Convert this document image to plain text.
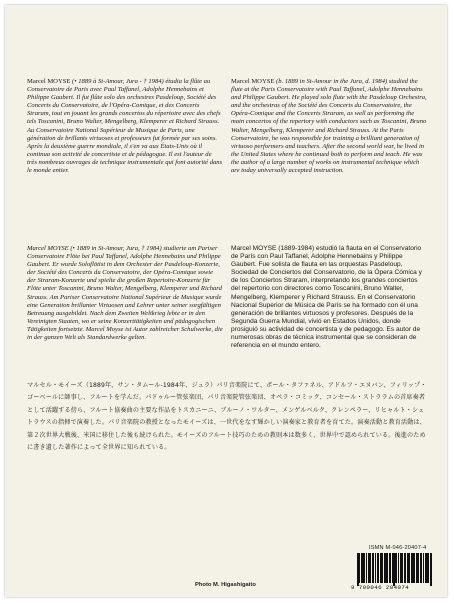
Marcel MOYSE (• 1889 à St-Amour, Jura - † 1984) étudia la flûte au Conservatoire de Paris avec Paul Taffanel, Adolphe Hennebains et Philippe Gaubert. Il fut flûte solo des orchestres Pasdeloup, Société des Concerts du Conservatoire, de l'Opéra-Comique, et des Concerts Straram, tout en jouant les grands concertos du répertoire avec des chefs tels Toscanini, Bruno Walter, Mengelberg, Klemperer et Richard Strauss. Au Conservatoire National Supérieur de Musique de Paris, une génération de brillants virtuoses et professeurs fut formée par ses soins. Après la deuxième guerre mondiale, il s'en va aux États-Unis où il continua son activité de concertiste et de pédagogue. Il est l'auteur de très nombreux ouvrages de technique instrumentale qui font autorité dans le monde entier.
Marcel MOYSE (b. 1889 in St-Amour in the Jura, d. 1984) studied the flute at the Paris Conservatoire with Paul Taffanel, Adolphe Hennebains and Philippe Gaubert. He played solo flute with the Pasdeloup Orchestra, and the orchestras of the Société des Concerts du Conservatoire, the Opéra-Comique and the Concerts Straram, as well as performing the main concertos of the repertory with conductors such as Toscanini, Bruno Walter, Mengelberg, Klemperer and Richard Strauss. At the Paris Conservatoire, he was responsible for training a brilliant generation of virtuoso performers and teachers. After the second world war, he lived in the United States where he continued both to perform and teach. He was the author of a large number of works on instrumental technique which are today universally accepted instruction.
Marcel MOYSE (• 1889 in St-Amour, Jura, † 1984) studierte am Pariser Conservatoire Flöte bei Paul Taffanel, Adolphe Hennebains und Philippe Gaubert. Er wurde Soloflötist in dem Orchester der Pasdeloup-Konzerte, der Société des Concerts du Conservatoire, der Opéra-Comique sowie der Straram-Konzerte und spielte die großen Repertoire-Konzerte für Flöte unter Toscanini, Bruno Walter, Mengelberg, Klemperer und Richard Strauss. Am Pariser Conservatoire National Supérieur de Musique wurde eine Generation brillanter Virtuosen und Lehrer unter seiner sorgfältigen Betreuung ausgebildet. Nach dem Zweiten Weltkrieg lebte er in den Vereinigten Staaten, wo er seine Konzerttätigkeiten und pädagogischen Tätigkeiten fortsetzte. Marcel Moyse ist Autor zahlreicher Schulwerke, die in der ganzen Welt als Standardwerke gelten.
Marcel MOYSE (1889-1984) estudió la flauta en el Conservatorio de París con Paul Taffanel, Adolphe Hennebains y Philippe Gaubert. Fue solista de flauta en las orquestas Pasdeloup, Sociedad de Conciertos del Conservatorio, de la Ópera Cómica y de los Conciertos Straram, interpretando los grandes conciertos del repertorio con directores como Toscanini, Bruno Walter, Mengelberg, Klemperer y Richard Strauss. En el Conservatorio Nacional Superior de Música de París se ha formado con él una generación de brillantes virtuosos y profesores. Después de la Segunda Guerra Mundial, vivió en Estados Unidos, donde prosiguió su actividad de concertista y de pedagogo. Es autor de numerosas obras de técnica instrumental que se consideran de referencia en el mundo entero.
マルセル・モイーズ（1889年、サン・タムール-1984年、ジュラ）パリ音楽院にて、ポール・タファネル、アドルフ・エヌバン、フィリップ・ゴーベールに師事し、フルートを学んだ。パドゥルー管弦楽団、パリ音楽院管弦楽団、オペラ・コミック、コンセール・ストララムの首席奏者として活躍する傍ら、フルート協奏曲の主要な作品をトスカニーニ、ブルーノ・ワルター、メンゲルベルク、クレンペラー、リヒャルト・シュトラウスの指揮で演奏した。パリ音楽院の教授となったモイーズは、一世代をなす輝かしい演奏家と教育者を育てた。演奏活動と教育活動は、第２次世界大戦後、米国に移住した後も続けられた。モイーズのフルート技巧のための教則本は数多く、世界中で認められている。後進のために書き遺した著作によって全世界に知られている。
ISMN M-046-20407-4
9 790046 204074
Photo M. Higashigaito
